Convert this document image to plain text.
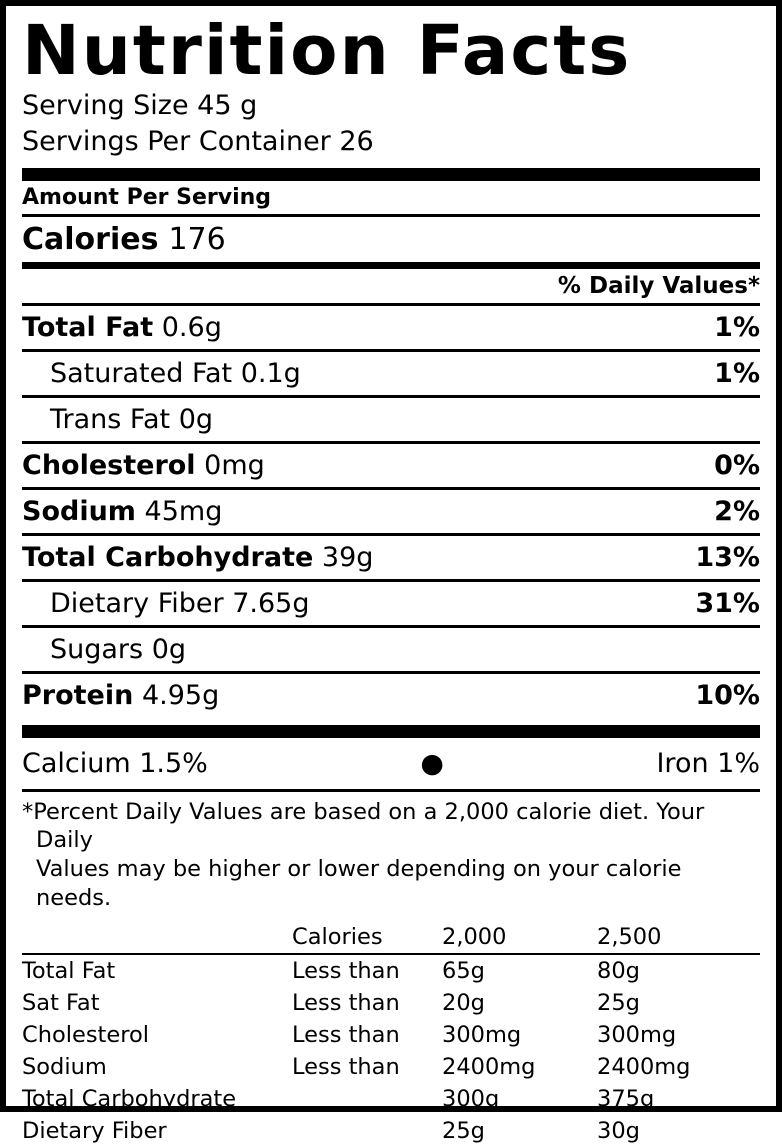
Nutrition Facts
Serving Size 45 g
Servings Per Container 26
Amount Per Serving
Calories 176
% Daily Values*
Total Fat 0.6g	1%
Saturated Fat 0.1g	1%
Trans Fat 0g
Cholesterol 0mg	0%
Sodium 45mg	2%
Total Carbohydrate 39g	13%
Dietary Fiber 7.65g	31%
Sugars 0g
Protein 4.95g	10%
Calcium 1.5%	●	Iron 1%
*Percent Daily Values are based on a 2,000 calorie diet. Your Daily
Values may be higher or lower depending on your calorie needs.
	Calories	2,000	2,500
Total Fat	Less than	65g	80g
Sat Fat	Less than	20g	25g
Cholesterol	Less than	300mg	300mg
Sodium	Less than	2400mg	2400mg
Total Carbohydrate		300g	375g
Dietary Fiber		25g	30g
